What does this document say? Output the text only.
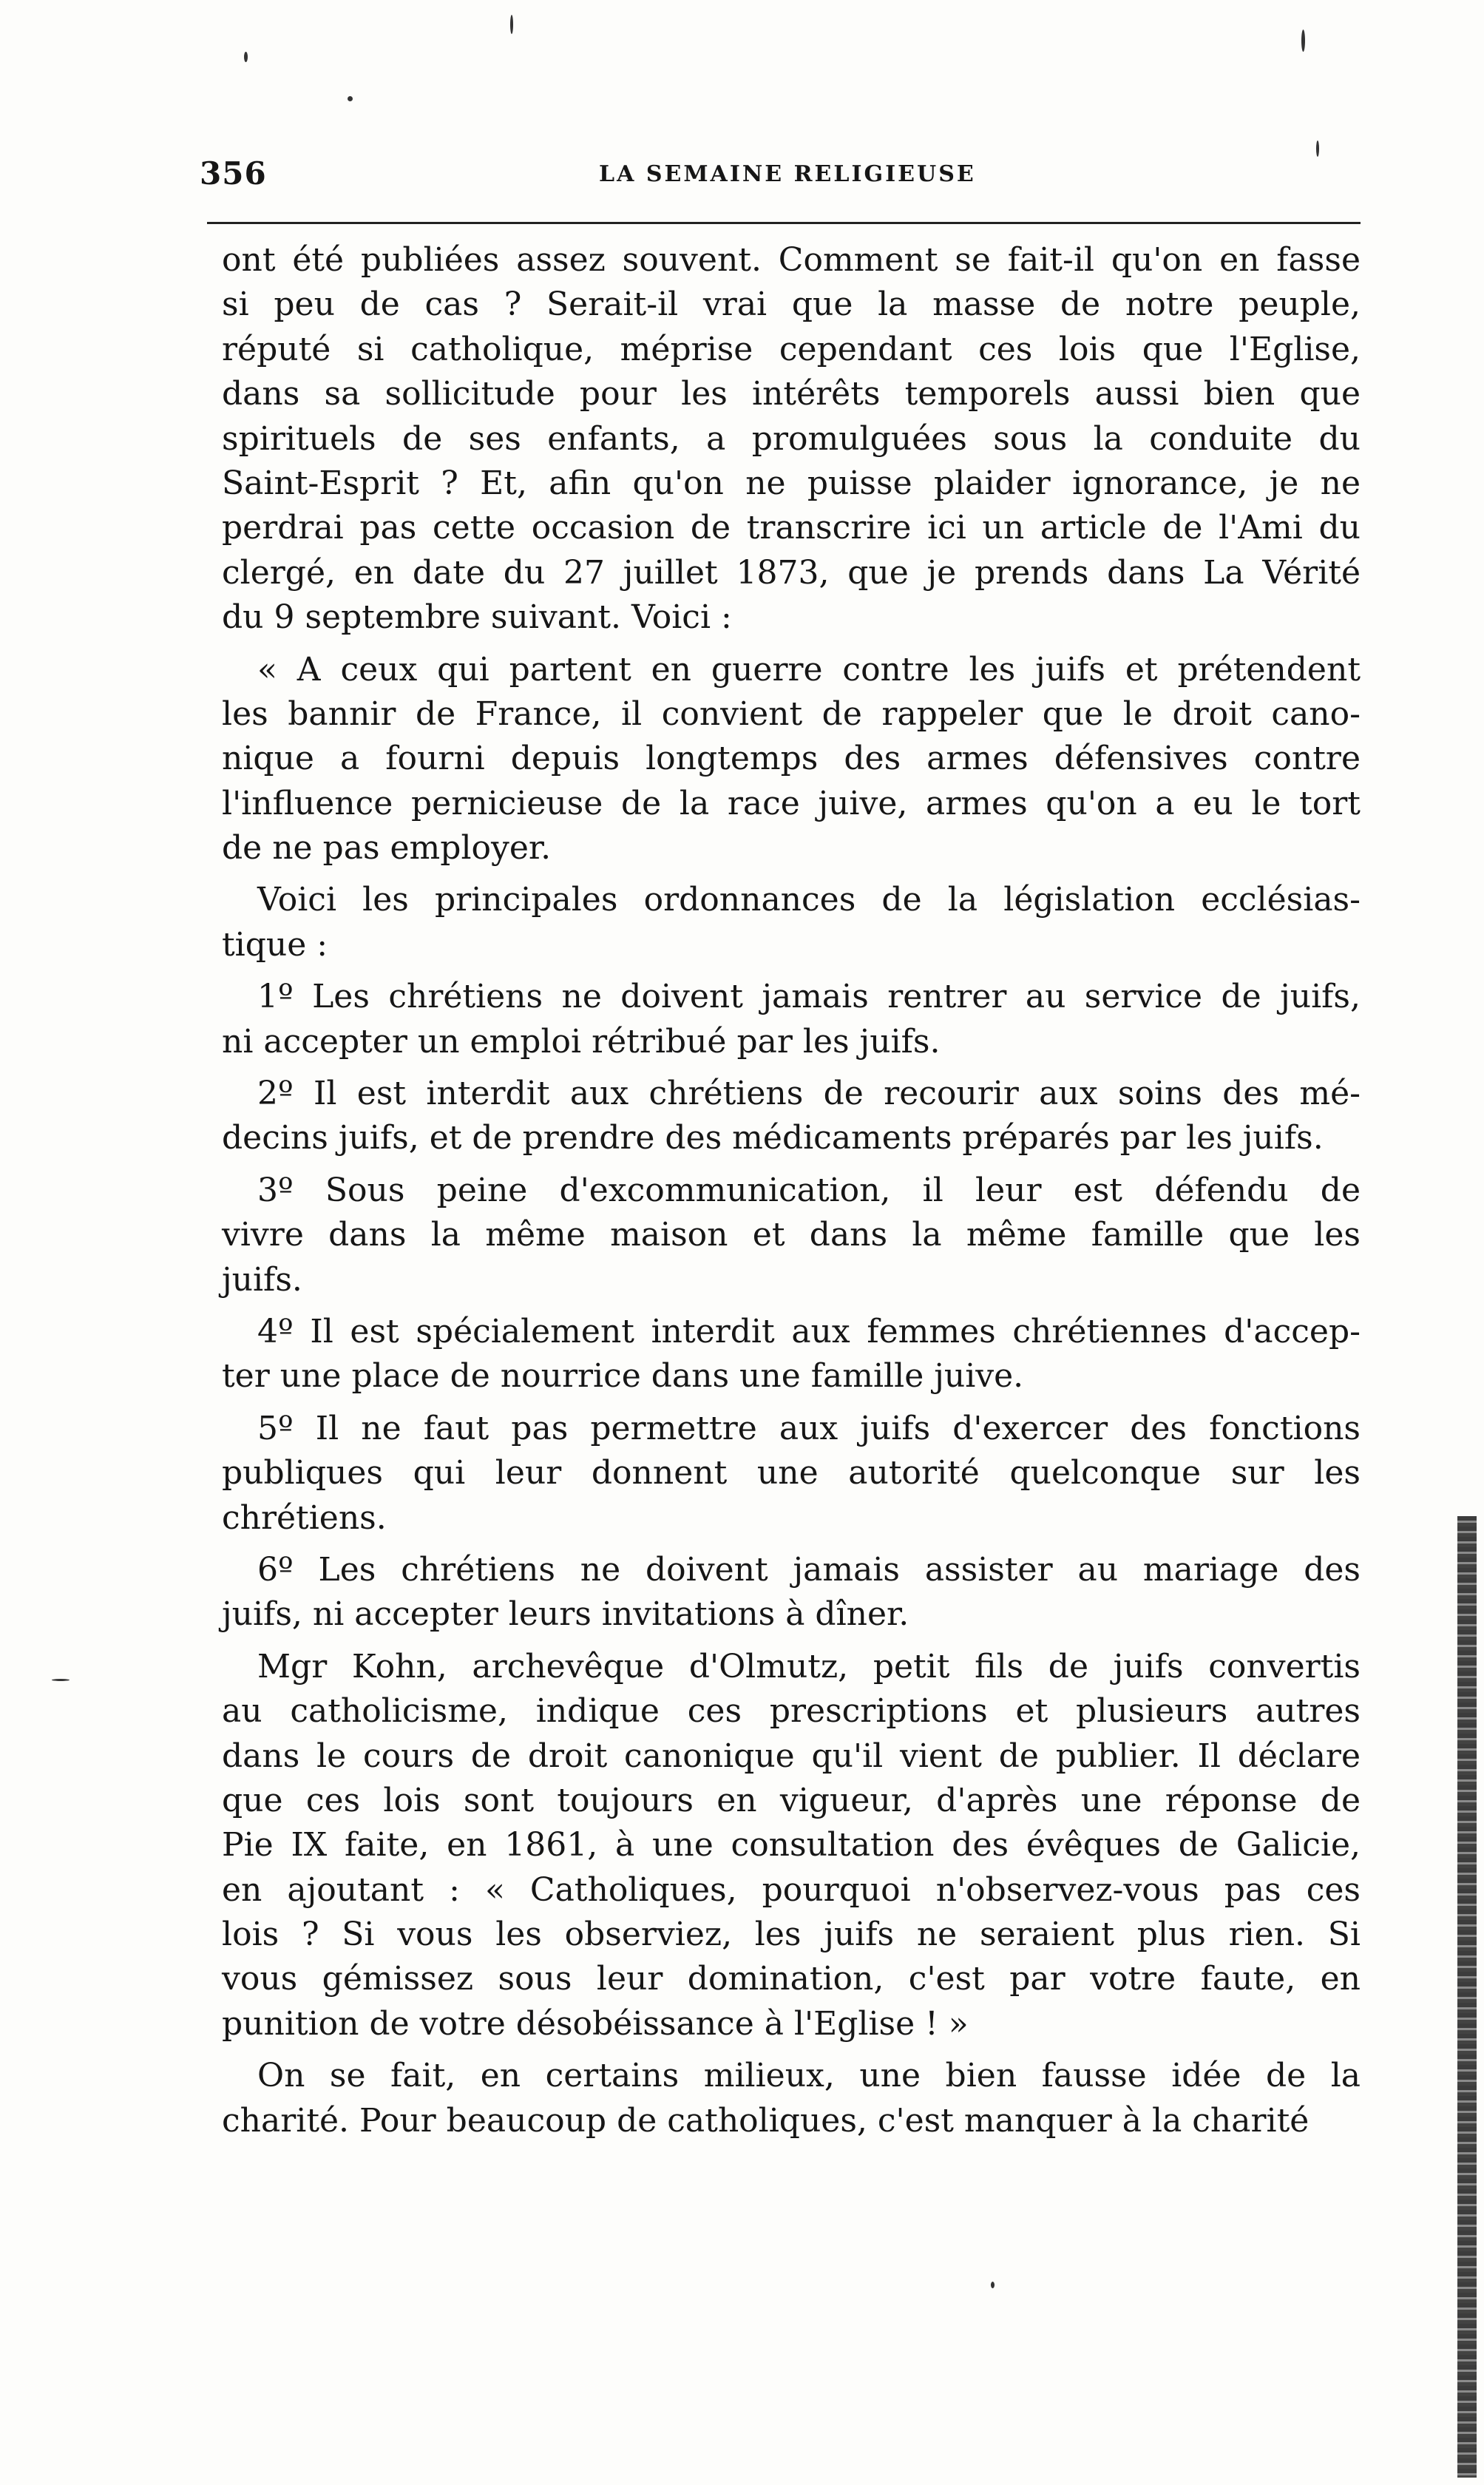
356	LA SEMAINE RELIGIEUSE
ont été publiées assez souvent. Comment se fait-il qu'on en fasse
si peu de cas ? Serait-il vrai que la masse de notre peuple,
réputé si catholique, méprise cependant ces lois que l'Eglise,
dans sa sollicitude pour les intérêts temporels aussi bien que
spirituels de ses enfants, a promulguées sous la conduite du
Saint-Esprit ? Et, afin qu'on ne puisse plaider ignorance, je ne
perdrai pas cette occasion de transcrire ici un article de l'Ami du
clergé, en date du 27 juillet 1873, que je prends dans La Vérité
du 9 septembre suivant. Voici :
« A ceux qui partent en guerre contre les juifs et prétendent
les bannir de France, il convient de rappeler que le droit cano-
nique a fourni depuis longtemps des armes défensives contre
l'influence pernicieuse de la race juive, armes qu'on a eu le tort
de ne pas employer.
Voici les principales ordonnances de la législation ecclésias-
tique :
1º Les chrétiens ne doivent jamais rentrer au service de juifs,
ni accepter un emploi rétribué par les juifs.
2º Il est interdit aux chrétiens de recourir aux soins des mé-
decins juifs, et de prendre des médicaments préparés par les juifs.
3º Sous peine d'excommunication, il leur est défendu de
vivre dans la même maison et dans la même famille que les
juifs.
4º Il est spécialement interdit aux femmes chrétiennes d'accep-
ter une place de nourrice dans une famille juive.
5º Il ne faut pas permettre aux juifs d'exercer des fonctions
publiques qui leur donnent une autorité quelconque sur les
chrétiens.
6º Les chrétiens ne doivent jamais assister au mariage des
juifs, ni accepter leurs invitations à dîner.
Mgr Kohn, archevêque d'Olmutz, petit fils de juifs convertis
au catholicisme, indique ces prescriptions et plusieurs autres
dans le cours de droit canonique qu'il vient de publier. Il déclare
que ces lois sont toujours en vigueur, d'après une réponse de
Pie IX faite, en 1861, à une consultation des évêques de Galicie,
en ajoutant : « Catholiques, pourquoi n'observez-vous pas ces
lois ? Si vous les observiez, les juifs ne seraient plus rien. Si
vous gémissez sous leur domination, c'est par votre faute, en
punition de votre désobéissance à l'Eglise ! »
On se fait, en certains milieux, une bien fausse idée de la
charité. Pour beaucoup de catholiques, c'est manquer à la charité
